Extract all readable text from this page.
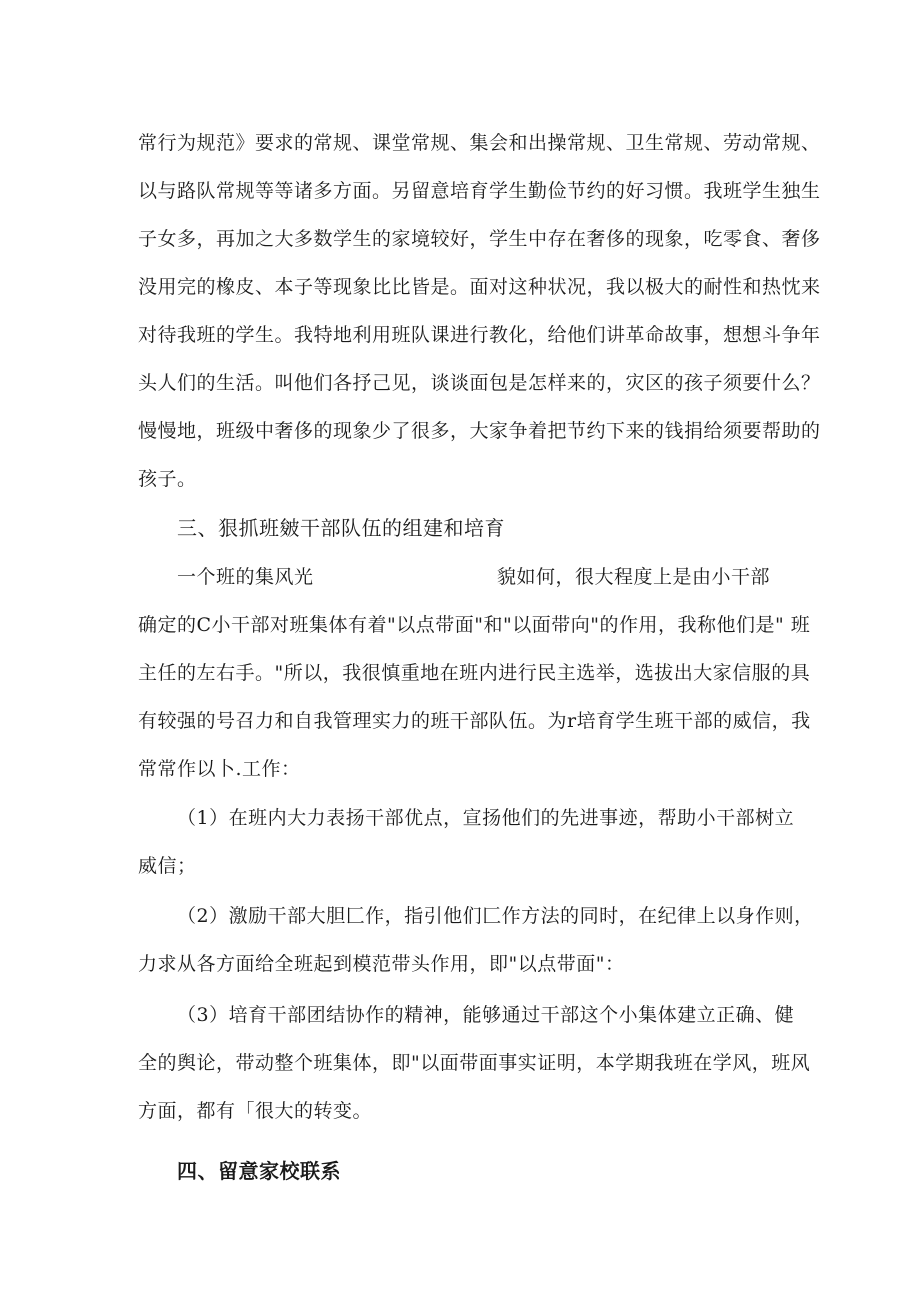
常行为规范》要求的常规、课堂常规、集会和出操常规、卫生常规、劳动常规、
以与路队常规等等诸多方面。另留意培育学生勤俭节约的好习惯。我班学生独生
子女多，再加之大多数学生的家境较好，学生中存在奢侈的现象，吃零食、奢侈
没用完的橡皮、本子等现象比比皆是。面对这种状况，我以极大的耐性和热忱来
对待我班的学生。我特地利用班队课进行教化，给他们讲革命故事，想想斗争年
头人们的生活。叫他们各抒己见，谈谈面包是怎样来的，灾区的孩子须要什么？
慢慢地，班级中奢侈的现象少了很多，大家争着把节约下来的钱捐给须要帮助的
孩子。
三、狠抓班皴干部队伍的组建和培育
一个班的集风光	貌如何，很大程度上是由小干部
确定的C小干部对班集体有着"以点带面"和"以面带向"的作用，我称他们是" 班
主任的左右手。"所以，我很慎重地在班内进行民主选举，选拔出大家信服的具
有较强的号召力和自我管理实力的班干部队伍。为r培育学生班干部的威信，我
常常作以卜.工作：
（1）在班内大力表扬干部优点，宣扬他们的先进事迹，帮助小干部树立
威信；
（2）激励干部大胆匚作，指引他们匚作方法的同时，在纪律上以身作则，
力求从各方面给全班起到模范带头作用，即"以点带面"：
（3）培育干部团结协作的精神，能够通过干部这个小集体建立正确、健
全的舆论，带动整个班集体，即"以面带面事实证明，本学期我班在学风，班风
方面，都有「很大的转变。
四、留意家校联系
